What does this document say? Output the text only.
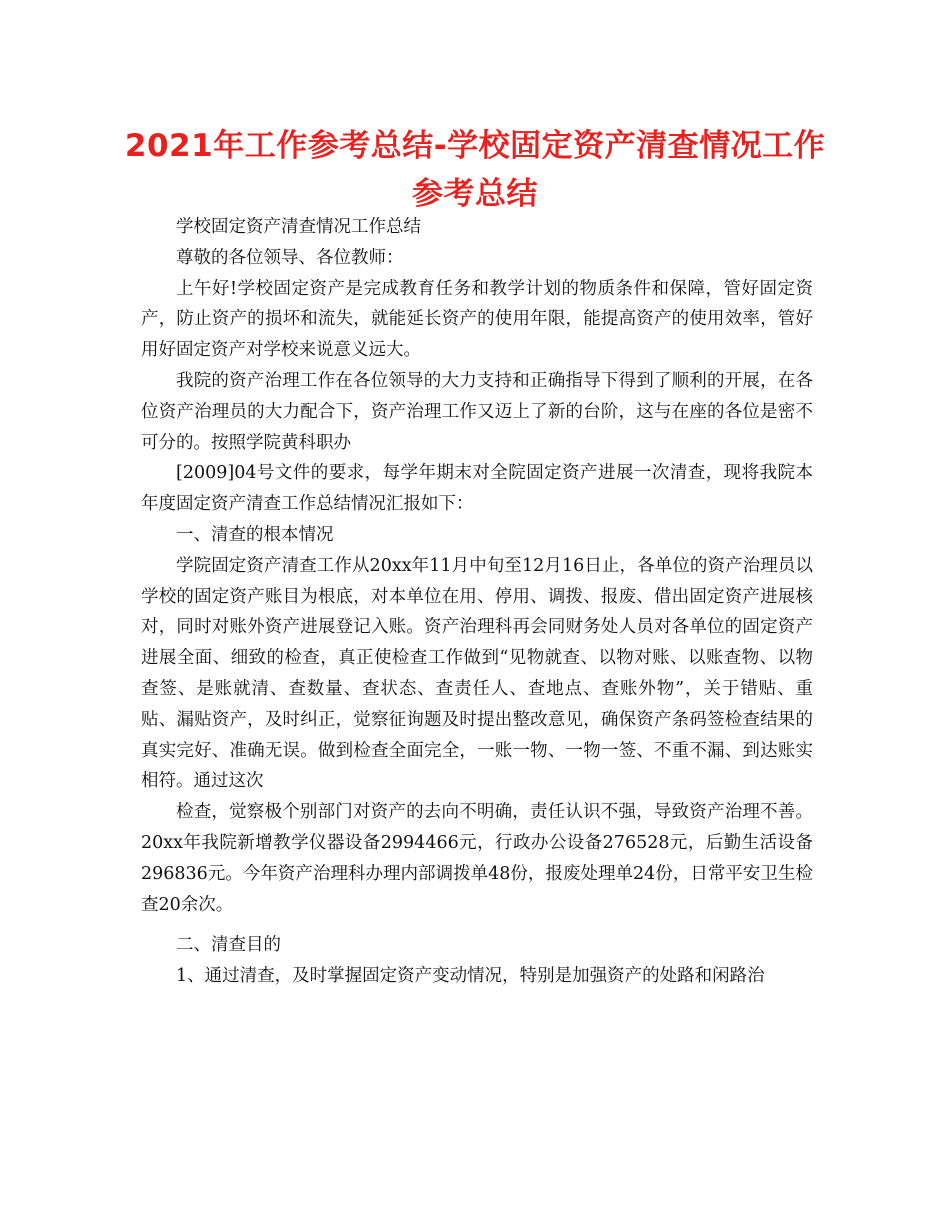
2021年工作参考总结-学校固定资产清查情况工作参考总结

学校固定资产清查情况工作总结

尊敬的各位领导、各位教师：

上午好!学校固定资产是完成教育任务和教学计划的物质条件和保障，管好固定资产，防止资产的损坏和流失，就能延长资产的使用年限，能提高资产的使用效率，管好用好固定资产对学校来说意义远大。

我院的资产治理工作在各位领导的大力支持和正确指导下得到了顺利的开展，在各位资产治理员的大力配合下，资产治理工作又迈上了新的台阶，这与在座的各位是密不可分的。按照学院黄科职办

[2009]04号文件的要求，每学年期末对全院固定资产进展一次清查，现将我院本年度固定资产清查工作总结情况汇报如下：

一、清查的根本情况

学院固定资产清查工作从20xx年11月中旬至12月16日止，各单位的资产治理员以学校的固定资产账目为根底，对本单位在用、停用、调拨、报废、借出固定资产进展核对，同时对账外资产进展登记入账。资产治理科再会同财务处人员对各单位的固定资产进展全面、细致的检查，真正使检查工作做到“见物就查、以物对账、以账查物、以物查签、是账就清、查数量、查状态、查责任人、查地点、查账外物”，关于错贴、重贴、漏贴资产，及时纠正，觉察征询题及时提出整改意见，确保资产条码签检查结果的真实完好、准确无误。做到检查全面完全，一账一物、一物一签、不重不漏、到达账实相符。通过这次

检查，觉察极个别部门对资产的去向不明确，责任认识不强，导致资产治理不善。20xx年我院新增教学仪器设备2994466元，行政办公设备276528元，后勤生活设备296836元。今年资产治理科办理内部调拨单48份，报废处理单24份，日常平安卫生检查20余次。

二、清查目的

1、通过清查，及时掌握固定资产变动情况，特别是加强资产的处路和闲路治
